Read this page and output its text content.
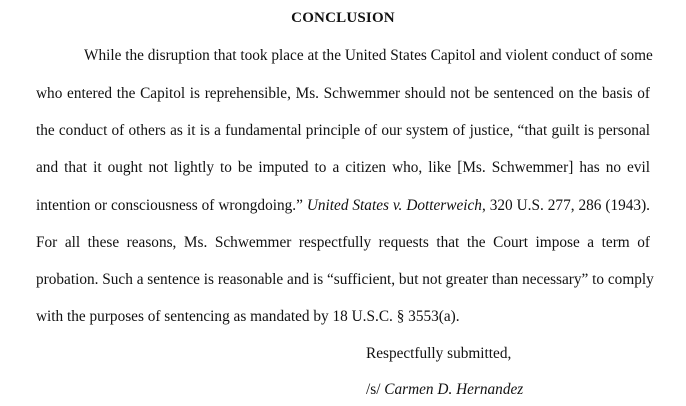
CONCLUSION
While the disruption that took place at the United States Capitol and violent conduct of some
who entered the Capitol is reprehensible, Ms. Schwemmer should not be sentenced on the basis of
the conduct of others as it is a fundamental principle of our system of justice, “that guilt is personal
and that it ought not lightly to be imputed to a citizen who, like [Ms. Schwemmer] has no evil
intention or consciousness of wrongdoing.” United States v. Dotterweich, 320 U.S. 277, 286 (1943).
For all these reasons, Ms. Schwemmer respectfully requests that the Court impose a term of
probation. Such a sentence is reasonable and is “sufficient, but not greater than necessary” to comply
with the purposes of sentencing as mandated by 18 U.S.C. § 3553(a).
Respectfully submitted,
/s/ Carmen D. Hernandez
